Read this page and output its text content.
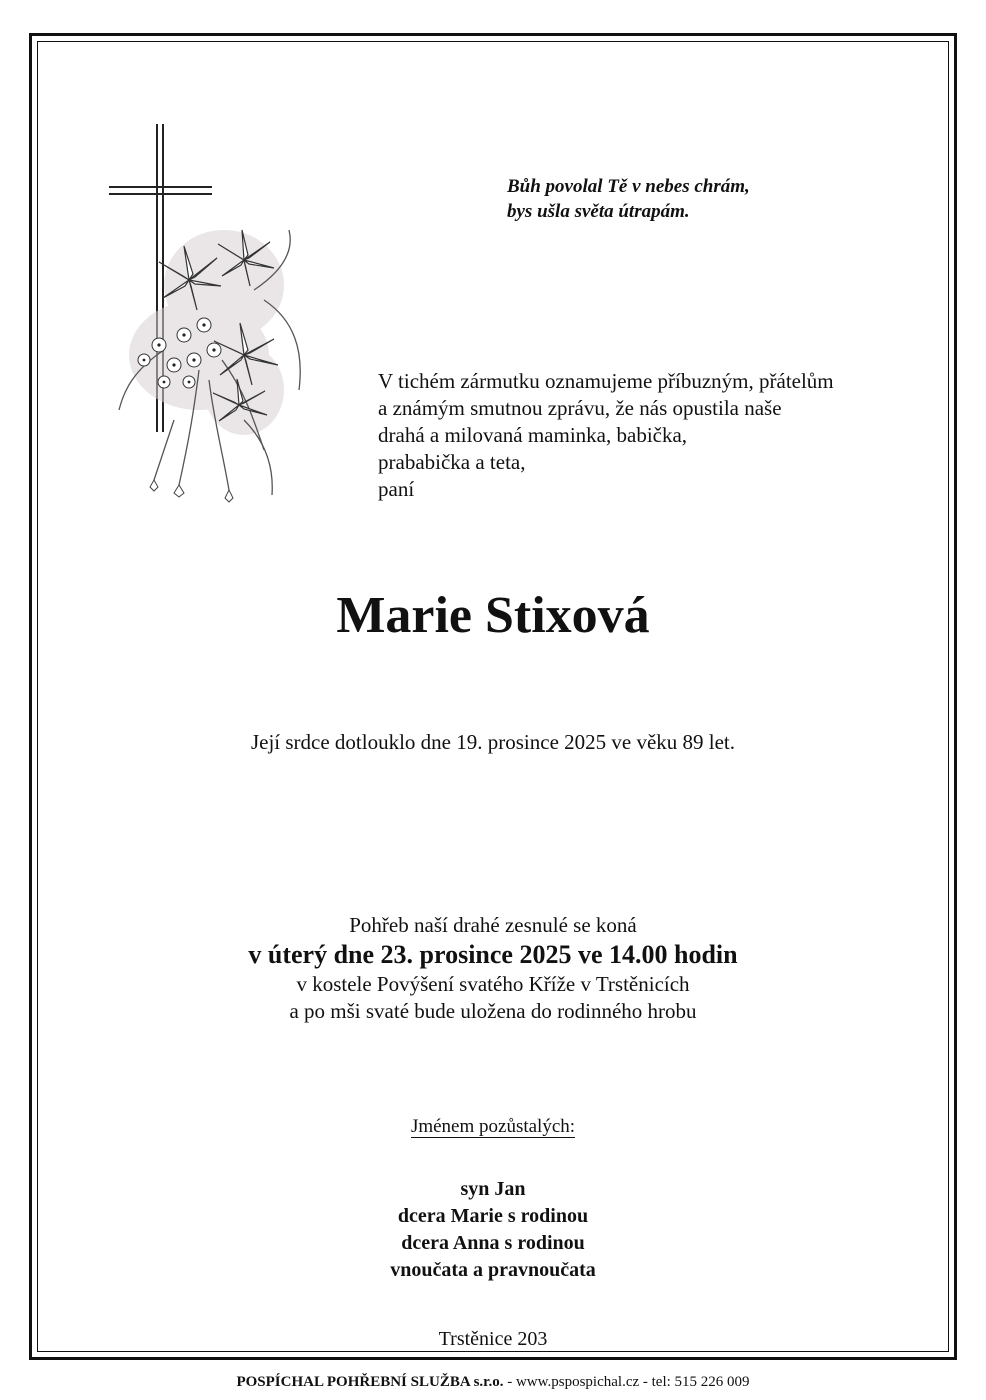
Bůh povolal Tě v nebes chrám,
bys ušla světa útrapám.
V tichém zármutku oznamujeme příbuzným, přátelům
a známým smutnou zprávu, že nás opustila naše
drahá a milovaná maminka, babička,
prababička a teta,
paní
Marie Stixová
Její srdce dotlouklo dne 19. prosince 2025 ve věku 89 let.
Pohřeb naší drahé zesnulé se koná
v úterý dne 23. prosince 2025 ve 14.00 hodin
v kostele Povýšení svatého Kříže v Trstěnicích
a po mši svaté bude uložena do rodinného hrobu
Jménem pozůstalých:
syn Jan
dcera Marie s rodinou
dcera Anna s rodinou
vnoučata a pravnoučata
Trstěnice 203
POSPÍCHAL POHŘEBNÍ SLUŽBA s.r.o. - www.pspospichal.cz - tel: 515 226 009
